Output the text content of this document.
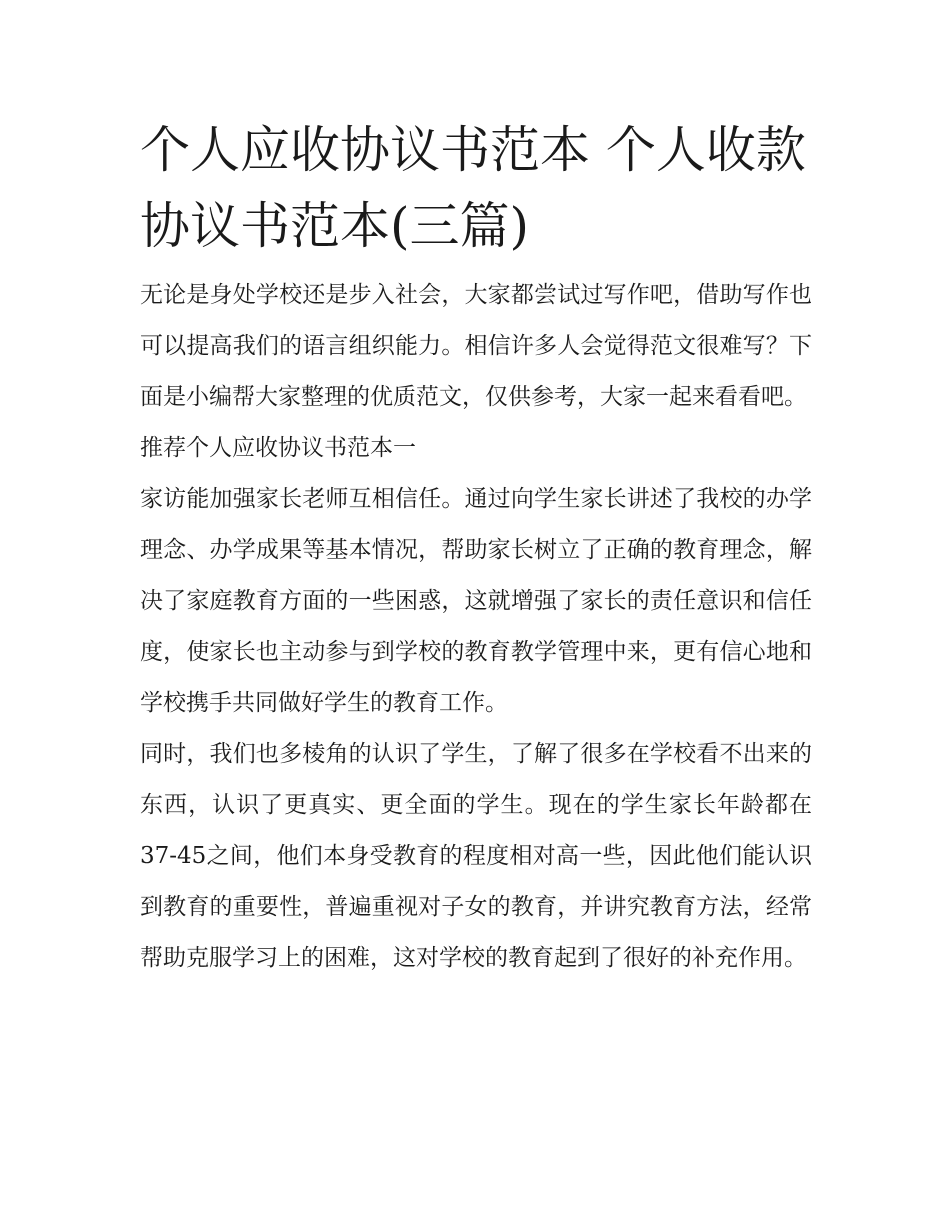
个人应收协议书范本 个人收款协议书范本(三篇)

无论是身处学校还是步入社会，大家都尝试过写作吧，借助写作也可以提高我们的语言组织能力。相信许多人会觉得范文很难写？下面是小编帮大家整理的优质范文，仅供参考，大家一起来看看吧。

推荐个人应收协议书范本一

家访能加强家长老师互相信任。通过向学生家长讲述了我校的办学理念、办学成果等基本情况，帮助家长树立了正确的教育理念，解决了家庭教育方面的一些困惑，这就增强了家长的责任意识和信任度，使家长也主动参与到学校的教育教学管理中来，更有信心地和学校携手共同做好学生的教育工作。

同时，我们也多棱角的认识了学生，了解了很多在学校看不出来的东西，认识了更真实、更全面的学生。现在的学生家长年龄都在37-45之间，他们本身受教育的程度相对高一些，因此他们能认识到教育的重要性，普遍重视对子女的教育，并讲究教育方法，经常帮助克服学习上的困难，这对学校的教育起到了很好的补充作用。
